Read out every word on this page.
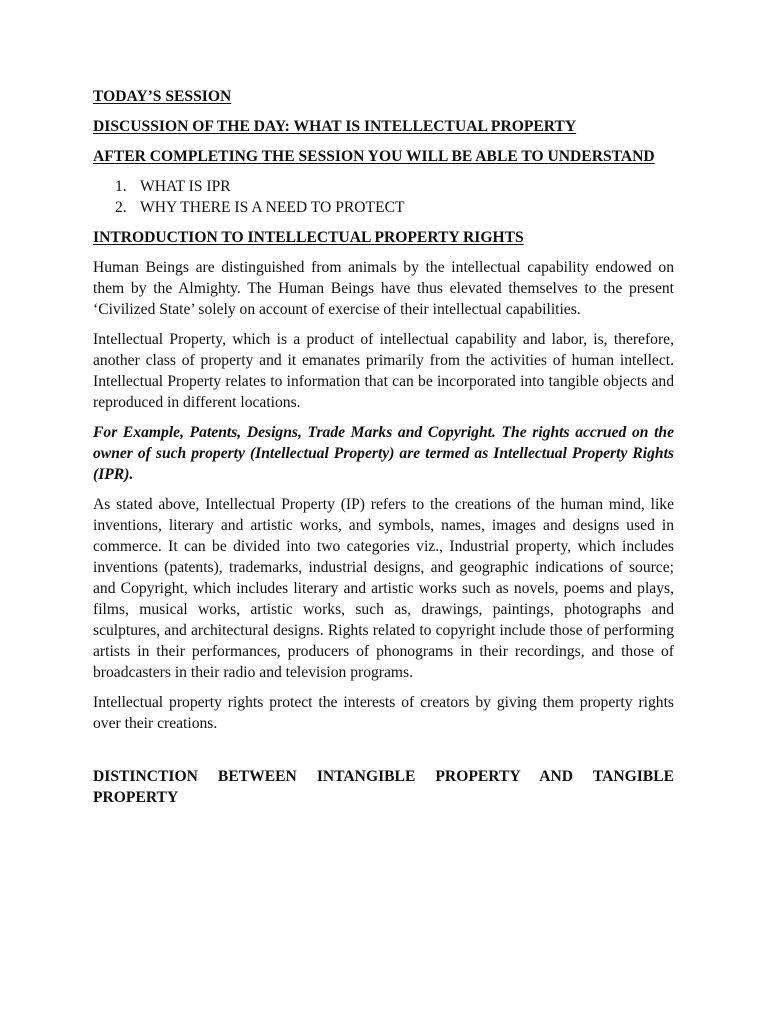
TODAY’S SESSION
DISCUSSION OF THE DAY: WHAT IS INTELLECTUAL PROPERTY
AFTER COMPLETING THE SESSION YOU WILL BE ABLE TO UNDERSTAND
1. WHAT IS IPR
2. WHY THERE IS A NEED TO PROTECT
INTRODUCTION TO INTELLECTUAL PROPERTY RIGHTS

Human Beings are distinguished from animals by the intellectual capability endowed on them by the Almighty. The Human Beings have thus elevated themselves to the present ‘Civilized State’ solely on account of exercise of their intellectual capabilities.

Intellectual Property, which is a product of intellectual capability and labor, is, therefore, another class of property and it emanates primarily from the activities of human intellect. Intellectual Property relates to information that can be incorporated into tangible objects and reproduced in different locations.

For Example, Patents, Designs, Trade Marks and Copyright. The rights accrued on the owner of such property (Intellectual Property) are termed as Intellectual Property Rights (IPR).

As stated above, Intellectual Property (IP) refers to the creations of the human mind, like inventions, literary and artistic works, and symbols, names, images and designs used in commerce. It can be divided into two categories viz., Industrial property, which includes inventions (patents), trademarks, industrial designs, and geographic indications of source; and Copyright, which includes literary and artistic works such as novels, poems and plays, films, musical works, artistic works, such as, drawings, paintings, photographs and sculptures, and architectural designs. Rights related to copyright include those of performing artists in their performances, producers of phonograms in their recordings, and those of broadcasters in their radio and television programs.

Intellectual property rights protect the interests of creators by giving them property rights over their creations.

DISTINCTION BETWEEN INTANGIBLE PROPERTY AND TANGIBLE PROPERTY
